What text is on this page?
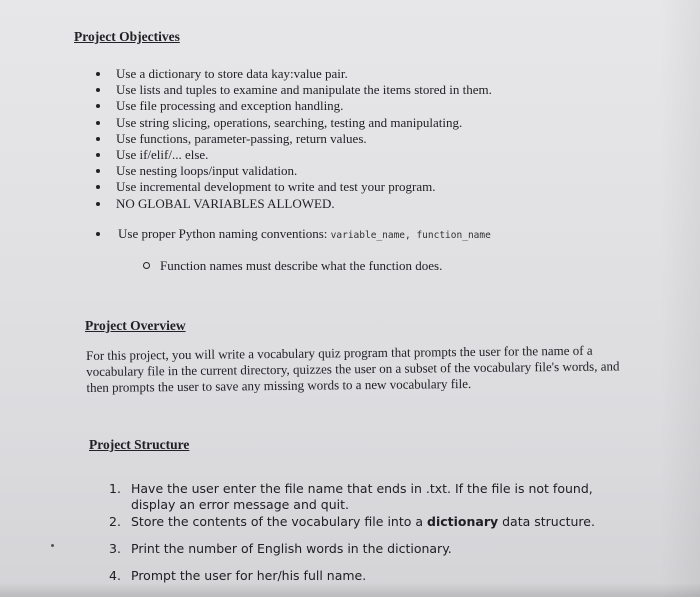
Project Objectives
Use a dictionary to store data kay:value pair.
Use lists and tuples to examine and manipulate the items stored in them.
Use file processing and exception handling.
Use string slicing, operations, searching, testing and manipulating.
Use functions, parameter-passing, return values.
Use if/elif/... else.
Use nesting loops/input validation.
Use incremental development to write and test your program.
NO GLOBAL VARIABLES ALLOWED.
Use proper Python naming conventions: variable_name, function_name
Function names must describe what the function does.
Project Overview

For this project, you will write a vocabulary quiz program that prompts the user for the name of a vocabulary file in the current directory, quizzes the user on a subset of the vocabulary file's words, and then prompts the user to save any missing words to a new vocabulary file.

Project Structure
1. Have the user enter the file name that ends in .txt. If the file is not found, display an error message and quit.
2. Store the contents of the vocabulary file into a dictionary data structure.
3. Print the number of English words in the dictionary.
4. Prompt the user for her/his full name.
